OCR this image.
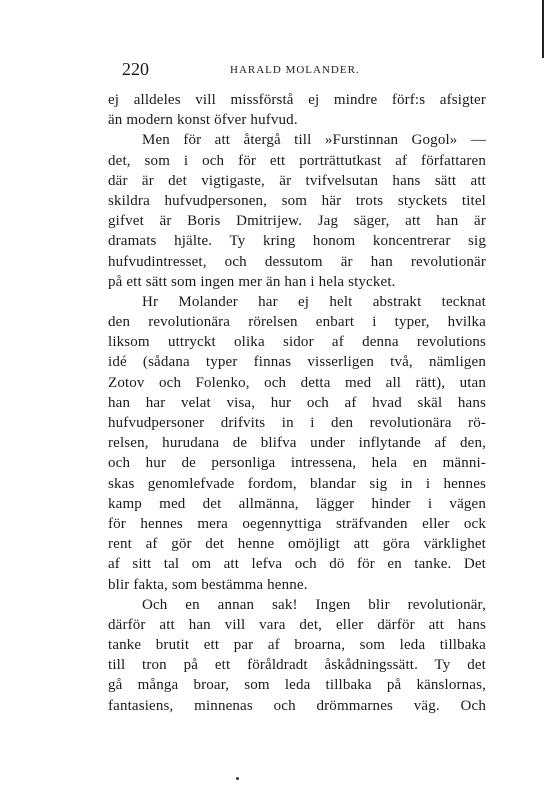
220	HARALD MOLANDER.
ej alldeles vill missförstå ej mindre förf:s afsigter
än modern konst öfver hufvud.
Men för att återgå till »Furstinnan Gogol» —
det, som i och för ett porträttutkast af författaren
där är det vigtigaste, är tvifvelsutan hans sätt att
skildra hufvudpersonen, som här trots styckets titel
gifvet är Boris Dmitrijew. Jag säger, att han är
dramats hjälte. Ty kring honom koncentrerar sig
hufvudintresset, och dessutom är han revolutionär
på ett sätt som ingen mer än han i hela stycket.
Hr Molander har ej helt abstrakt tecknat
den revolutionära rörelsen enbart i typer, hvilka
liksom uttryckt olika sidor af denna revolutions
idé (sådana typer finnas visserligen två, nämligen
Zotov och Folenko, och detta med all rätt), utan
han har velat visa, hur och af hvad skäl hans
hufvudpersoner drifvits in i den revolutionära rö-
relsen, hurudana de blifva under inflytande af den,
och hur de personliga intressena, hela en männi-
skas genomlefvade fordom, blandar sig in i hennes
kamp med det allmänna, lägger hinder i vägen
för hennes mera oegennyttiga sträfvanden eller ock
rent af gör det henne omöjligt att göra värklighet
af sitt tal om att lefva och dö för en tanke. Det
blir fakta, som bestämma henne.
Och en annan sak! Ingen blir revolutionär,
därför att han vill vara det, eller därför att hans
tanke brutit ett par af broarna, som leda tillbaka
till tron på ett föråldradt åskådningssätt. Ty det
gå många broar, som leda tillbaka på känslornas,
fantasiens, minnenas och drömmarnes väg. Och
